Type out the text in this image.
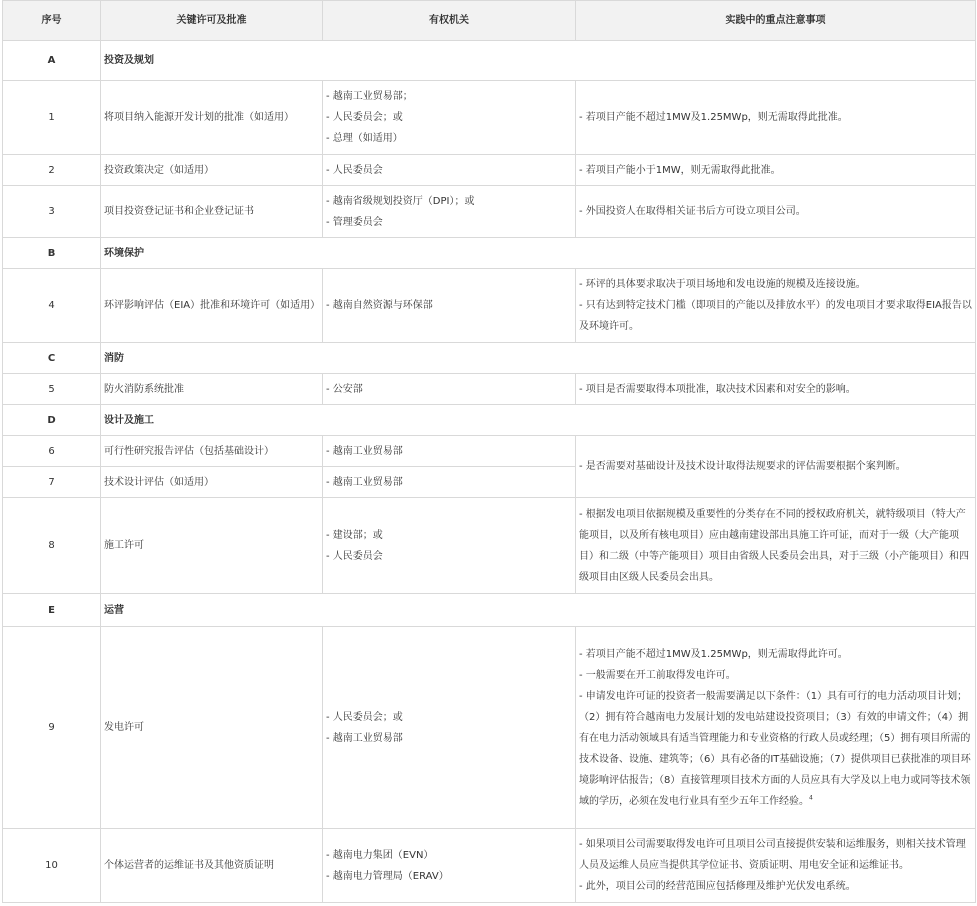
序号	关键许可及批准	有权机关	实践中的重点注意事项
A	投资及规划		
1	将项目纳入能源开发计划的批准（如适用）	- 越南工业贸易部；
- 人民委员会；或
- 总理（如适用）	- 若项目产能不超过1MW及1.25MWp，则无需取得此批准。

2	投资政策决定（如适用）	- 人民委员会	- 若项目产能小于1MW，则无需取得此批准。

3	项目投资登记证书和企业登记证书	- 越南省级规划投资厅（DPI）；或
- 管理委员会	- 外国投资人在取得相关证书后方可设立项目公司。

B	环境保护		
4	环评影响评估（EIA）批准和环境许可（如适用）	- 越南自然资源与环保部	- 环评的具体要求取决于项目场地和发电设施的规模及连接设施。
- 只有达到特定技术门槛（即项目的产能以及排放水平）的发电项目才要求取得EIA报告以及环境许可。

C	消防		
5	防火消防系统批准	- 公安部	- 项目是否需要取得本项批准，取决技术因素和对安全的影响。

D	设计及施工		
6	可行性研究报告评估（包括基础设计）	- 越南工业贸易部	- 是否需要对基础设计及技术设计取得法规要求的评估需要根据个案判断。

7	技术设计评估（如适用）	- 越南工业贸易部	

8	施工许可	- 建设部；或
- 人民委员会	- 根据发电项目依据规模及重要性的分类存在不同的授权政府机关，就特级项目（特大产能项目，以及所有核电项目）应由越南建设部出具施工许可证，而对于一级（大产能项目）和二级（中等产能项目）项目由省级人民委员会出具，对于三级（小产能项目）和四级项目由区级人民委员会出具。

E	运营		
9	发电许可	- 人民委员会；或
- 越南工业贸易部	- 若项目产能不超过1MW及1.25MWp，则无需取得此许可。
- 一般需要在开工前取得发电许可。
- 申请发电许可证的投资者一般需要满足以下条件：（1）具有可行的电力活动项目计划；（2）拥有符合越南电力发展计划的发电站建设投资项目；（3）有效的申请文件；（4）拥有在电力活动领域具有适当管理能力和专业资格的行政人员或经理；（5）拥有项目所需的技术设备、设施、建筑等；（6）具有必备的IT基础设施；（7）提供项目已获批准的项目环境影响评估报告；（8）直接管理项目技术方面的人员应具有大学及以上电力或同等技术领域的学历，必须在发电行业具有至少五年工作经验。$^4$

10	个体运营者的运维证书及其他资质证明	- 越南电力集团（EVN）
- 越南电力管理局（ERAV）	- 如果项目公司需要取得发电许可且项目公司直接提供安装和运维服务，则相关技术管理人员及运维人员应当提供其学位证书、资质证明、用电安全证和运维证书。
- 此外，项目公司的经营范围应包括修理及维护光伏发电系统。
